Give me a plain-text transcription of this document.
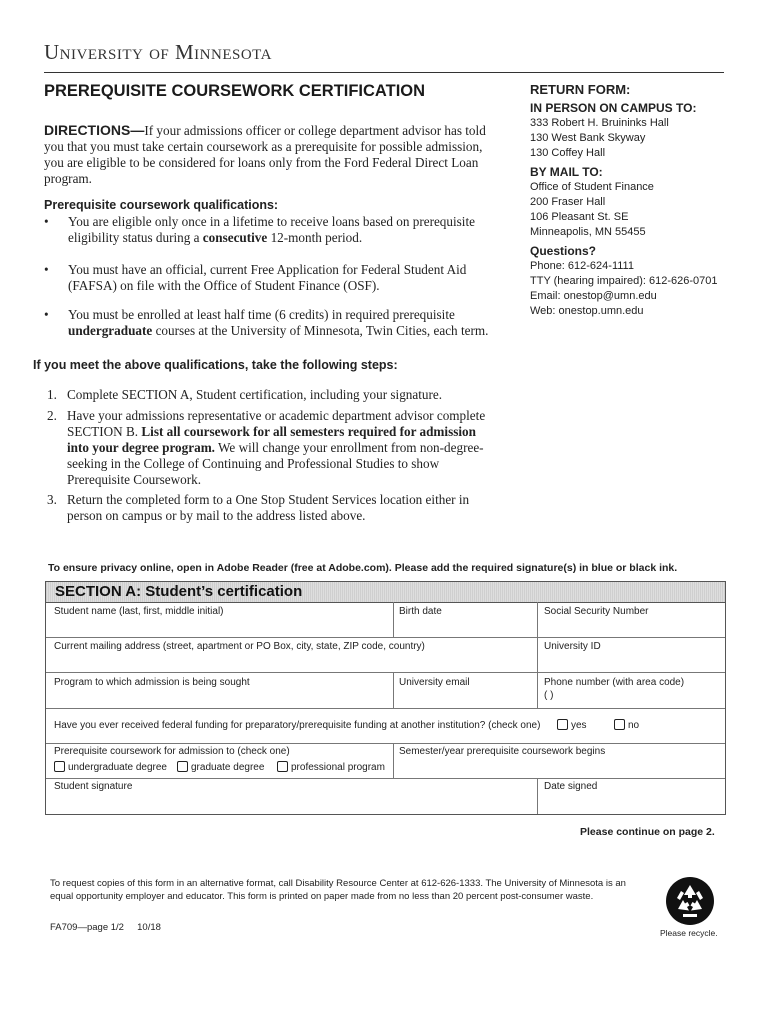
University of Minnesota
PREREQUISITE COURSEWORK CERTIFICATION
DIRECTIONS—If your admissions officer or college department advisor has told you that you must take certain coursework as a prerequisite for possible admission, you are eligible to be considered for loans only from the Ford Federal Direct Loan program.
Prerequisite coursework qualifications:
• You are eligible only once in a lifetime to receive loans based on prerequisite eligibility status during a consecutive 12-month period.
• You must have an official, current Free Application for Federal Student Aid (FAFSA) on file with the Office of Student Finance (OSF).
• You must be enrolled at least half time (6 credits) in required prerequisite undergraduate courses at the University of Minnesota, Twin Cities, each term.
If you meet the above qualifications, take the following steps:
1. Complete SECTION A, Student certification, including your signature.
2. Have your admissions representative or academic department advisor complete SECTION B. List all coursework for all semesters required for admission into your degree program. We will change your enrollment from non-degree-seeking in the College of Continuing and Professional Studies to show Prerequisite Coursework.
3. Return the completed form to a One Stop Student Services location either in person on campus or by mail to the address listed above.
RETURN FORM:
IN PERSON ON CAMPUS TO:
333 Robert H. Bruininks Hall
130 West Bank Skyway
130 Coffey Hall
BY MAIL TO:
Office of Student Finance
200 Fraser Hall
106 Pleasant St. SE
Minneapolis, MN 55455
Questions?
Phone: 612-624-1111
TTY (hearing impaired): 612-626-0701
Email: onestop@umn.edu
Web: onestop.umn.edu
To ensure privacy online, open in Adobe Reader (free at Adobe.com). Please add the required signature(s) in blue or black ink.
SECTION A: Student’s certification
Student name (last, first, middle initial)	Birth date	Social Security Number
Current mailing address (street, apartment or PO Box, city, state, ZIP code, country)	University ID
Program to which admission is being sought	University email	Phone number (with area code)
( )
Have you ever received federal funding for preparatory/prerequisite funding at another institution? (check one)	yes	no
Prerequisite coursework for admission to (check one)
undergraduate degree	graduate degree	professional program
Semester/year prerequisite coursework begins
Student signature	Date signed
Please continue on page 2.
To request copies of this form in an alternative format, call Disability Resource Center at 612-626-1333. The University of Minnesota is an equal opportunity employer and educator. This form is printed on paper made from no less than 20 percent post-consumer waste.
FA709—page 1/2     10/18	Please recycle.
